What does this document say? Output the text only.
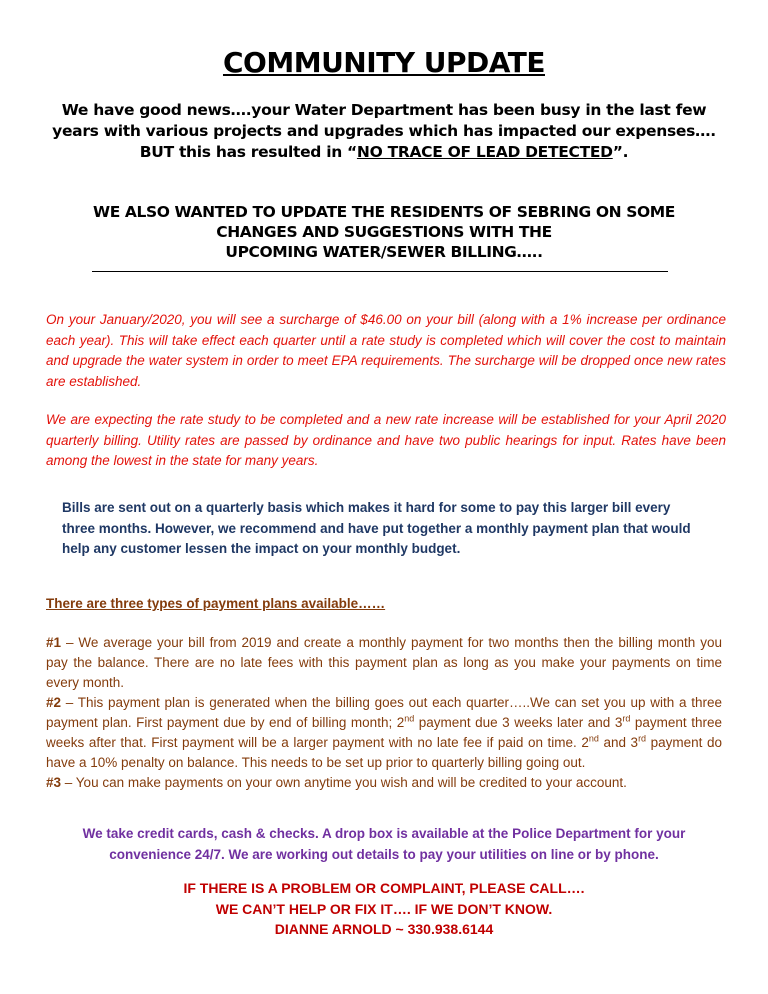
COMMUNITY UPDATE
We have good news….your Water Department has been busy in the last few
years with various projects and upgrades which has impacted our expenses….
BUT this has resulted in “NO TRACE OF LEAD DETECTED”.
WE ALSO WANTED TO UPDATE THE RESIDENTS OF SEBRING ON SOME
CHANGES AND SUGGESTIONS WITH THE
UPCOMING WATER/SEWER BILLING…..
On your January/2020, you will see a surcharge of $46.00 on your bill (along with a 1% increase per ordinance each year). This will take effect each quarter until a rate study is completed which will cover the cost to maintain and upgrade the water system in order to meet EPA requirements. The surcharge will be dropped once new rates are established.
We are expecting the rate study to be completed and a new rate increase will be established for your April 2020 quarterly billing. Utility rates are passed by ordinance and have two public hearings for input. Rates have been among the lowest in the state for many years.
Bills are sent out on a quarterly basis which makes it hard for some to pay this larger bill every three months. However, we recommend and have put together a monthly payment plan that would help any customer lessen the impact on your monthly budget.
There are three types of payment plans available……

#1 – We average your bill from 2019 and create a monthly payment for two months then the billing month you pay the balance. There are no late fees with this payment plan as long as you make your payments on time every month.

#2 – This payment plan is generated when the billing goes out each quarter…..We can set you up with a three payment plan. First payment due by end of billing month; 2nd payment due 3 weeks later and 3rd payment three weeks after that. First payment will be a larger payment with no late fee if paid on time. 2nd and 3rd payment do have a 10% penalty on balance. This needs to be set up prior to quarterly billing going out.

#3 – You can make payments on your own anytime you wish and will be credited to your account.

We take credit cards, cash & checks. A drop box is available at the Police Department for your
convenience 24/7. We are working out details to pay your utilities on line or by phone.
IF THERE IS A PROBLEM OR COMPLAINT, PLEASE CALL….
WE CAN’T HELP OR FIX IT…. IF WE DON’T KNOW.
DIANNE ARNOLD ~ 330.938.6144
